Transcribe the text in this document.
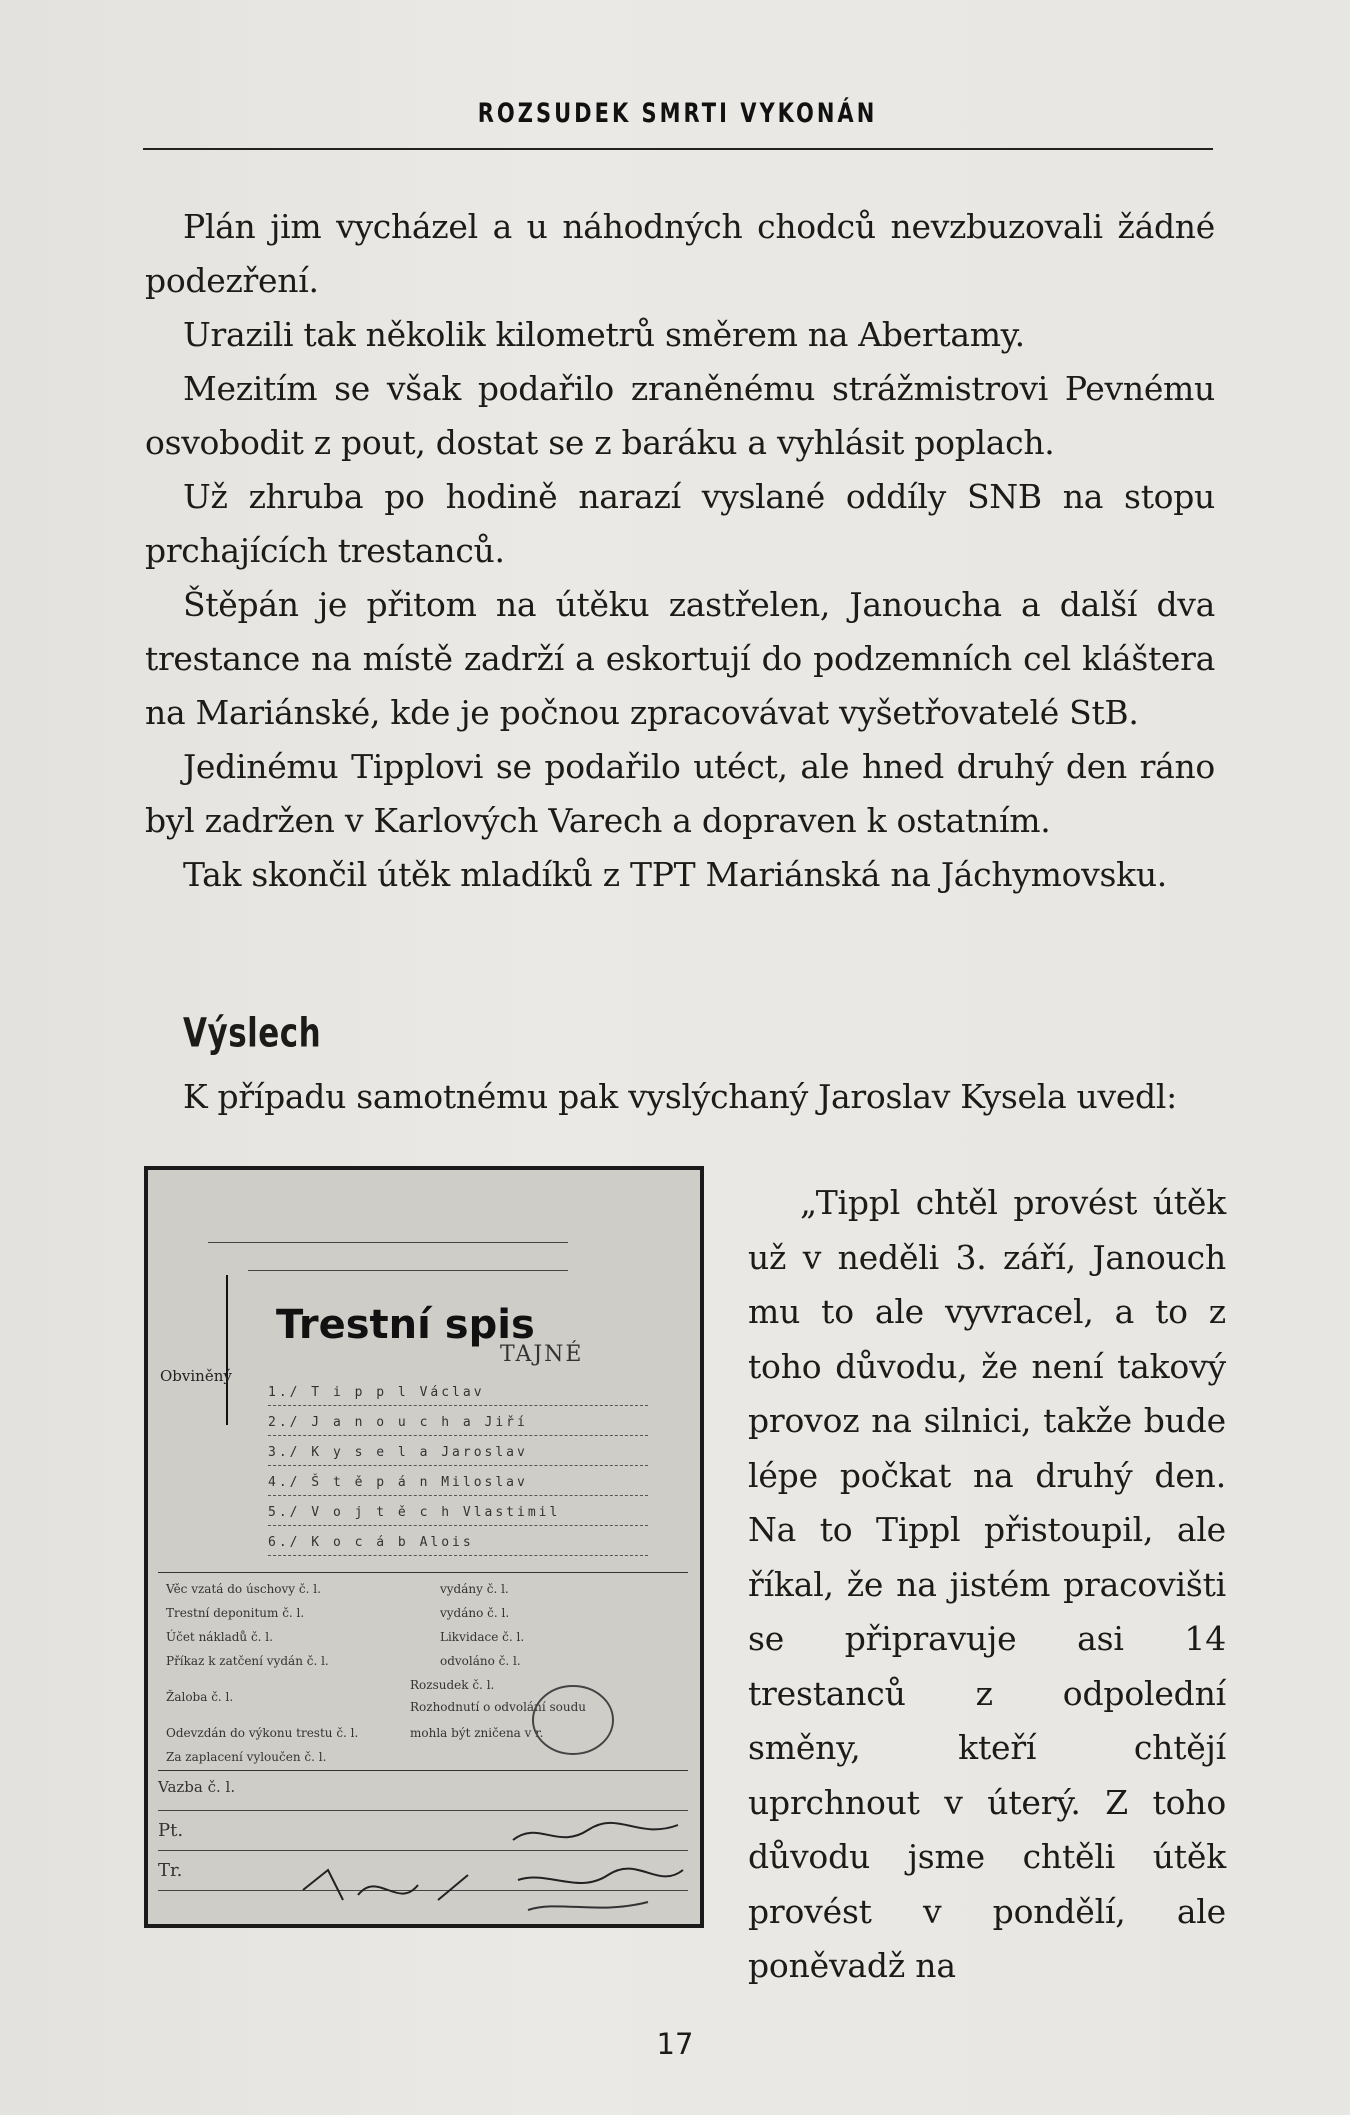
ROZSUDEK SMRTI VYKONÁN

Plán jim vycházel a u náhodných chodců nevzbuzovali žádné podezření.

Urazili tak několik kilometrů směrem na Abertamy.

Mezitím se však podařilo zraněnému strážmistrovi Pevnému osvobodit z pout, dostat se z baráku a vyhlásit poplach.

Už zhruba po hodině narazí vyslané oddíly SNB na stopu prchajících trestanců.

Štěpán je přitom na útěku zastřelen, Janoucha a další dva trestance na místě zadrží a eskortují do podzemních cel kláštera na Mariánské, kde je počnou zpracovávat vyšetřovatelé StB.

Jedinému Tipplovi se podařilo utéct, ale hned druhý den ráno byl zadržen v Karlových Varech a dopraven k ostatním.

Tak skončil útěk mladíků z TPT Mariánská na Jáchymovsku.

Výslech
K případu samotnému pak vyslýchaný Jaroslav Kysela uvedl:
Trestní spis
TAJNÉ
Obviněný
1./ T i p p l Václav
2./ J a n o u c h a Jiří
3./ K y s e l a Jaroslav
4./ Š t ě p á n Miloslav
5./ V o j t ě c h Vlastimil
6./ K o c á b Alois
Věc vzatá do úschovy č. l.
Trestní deponitum č. l.
Účet nákladů č. l.
Příkaz k zatčení vydán č. l.
Žaloba č. l.
Odevzdán do výkonu trestu č. l.
Za zaplacení vyloučen č. l.
Vazba č. l.
Pt.
Tr.
vydány č. l.
vydáno č. l.
Likvidace č. l.
odvoláno č. l.
Rozsudek č. l.
Rozhodnutí o odvolání soudu
mohla být zničena v r.

„Tippl chtěl provést útěk už v neděli 3. září, Janouch mu to ale vyvracel, a to z toho důvodu, že není takový provoz na silnici, takže bude lépe počkat na druhý den. Na to Tippl přistoupil, ale říkal, že na jistém pracovišti se připravuje asi 14 trestanců z odpolední směny, kteří chtějí uprchnout v úterý. Z toho důvodu jsme chtěli útěk provést v pondělí, ale poněvadž na

17
